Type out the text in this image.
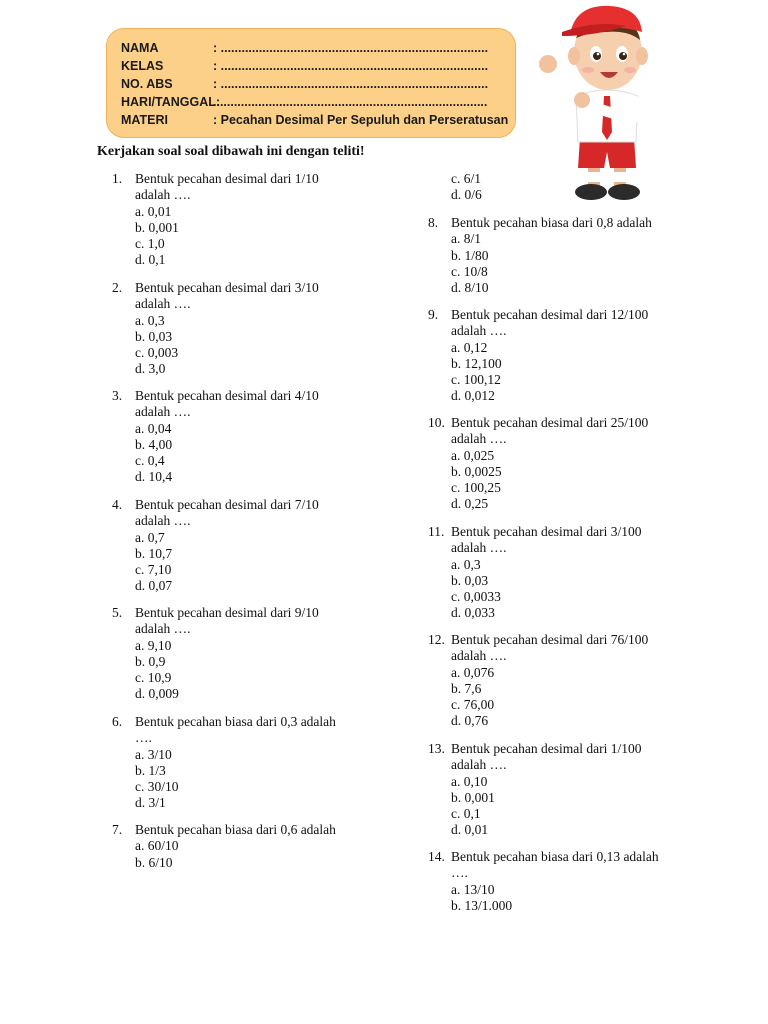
NAMA	: .............................................................................
KELAS	: .............................................................................
NO. ABS	: .............................................................................
HARI/TANGGAL:...............................................................................
MATERI	: Pecahan Desimal Per Sepuluh dan Perseratusan
Kerjakan soal soal dibawah ini dengan teliti!
1. Bentuk pecahan desimal dari 1/10
adalah ….
a. 0,01
b. 0,001
c. 1,0
d. 0,1
2. Bentuk pecahan desimal dari 3/10
adalah ….
a. 0,3
b. 0,03
c. 0,003
d. 3,0
3. Bentuk pecahan desimal dari 4/10
adalah ….
a. 0,04
b. 4,00
c. 0,4
d. 10,4
4. Bentuk pecahan desimal dari 7/10
adalah ….
a. 0,7
b. 10,7
c. 7,10
d. 0,07
5. Bentuk pecahan desimal dari 9/10
adalah ….
a. 9,10
b. 0,9
c. 10,9
d. 0,009
6. Bentuk pecahan biasa dari 0,3 adalah
….
a. 3/10
b. 1/3
c. 30/10
d. 3/1
7. Bentuk pecahan biasa dari 0,6 adalah
a. 60/10
b. 6/10
c. 6/1
d. 0/6
8. Bentuk pecahan biasa dari 0,8 adalah
a. 8/1
b. 1/80
c. 10/8
d. 8/10
9. Bentuk pecahan desimal dari 12/100
adalah ….
a. 0,12
b. 12,100
c. 100,12
d. 0,012
10. Bentuk pecahan desimal dari 25/100
adalah ….
a. 0,025
b. 0,0025
c. 100,25
d. 0,25
11. Bentuk pecahan desimal dari 3/100
adalah ….
a. 0,3
b. 0,03
c. 0,0033
d. 0,033
12. Bentuk pecahan desimal dari 76/100
adalah ….
a. 0,076
b. 7,6
c. 76,00
d. 0,76
13. Bentuk pecahan desimal dari 1/100
adalah ….
a. 0,10
b. 0,001
c. 0,1
d. 0,01
14. Bentuk pecahan biasa dari 0,13 adalah
….
a. 13/10
b. 13/1.000
